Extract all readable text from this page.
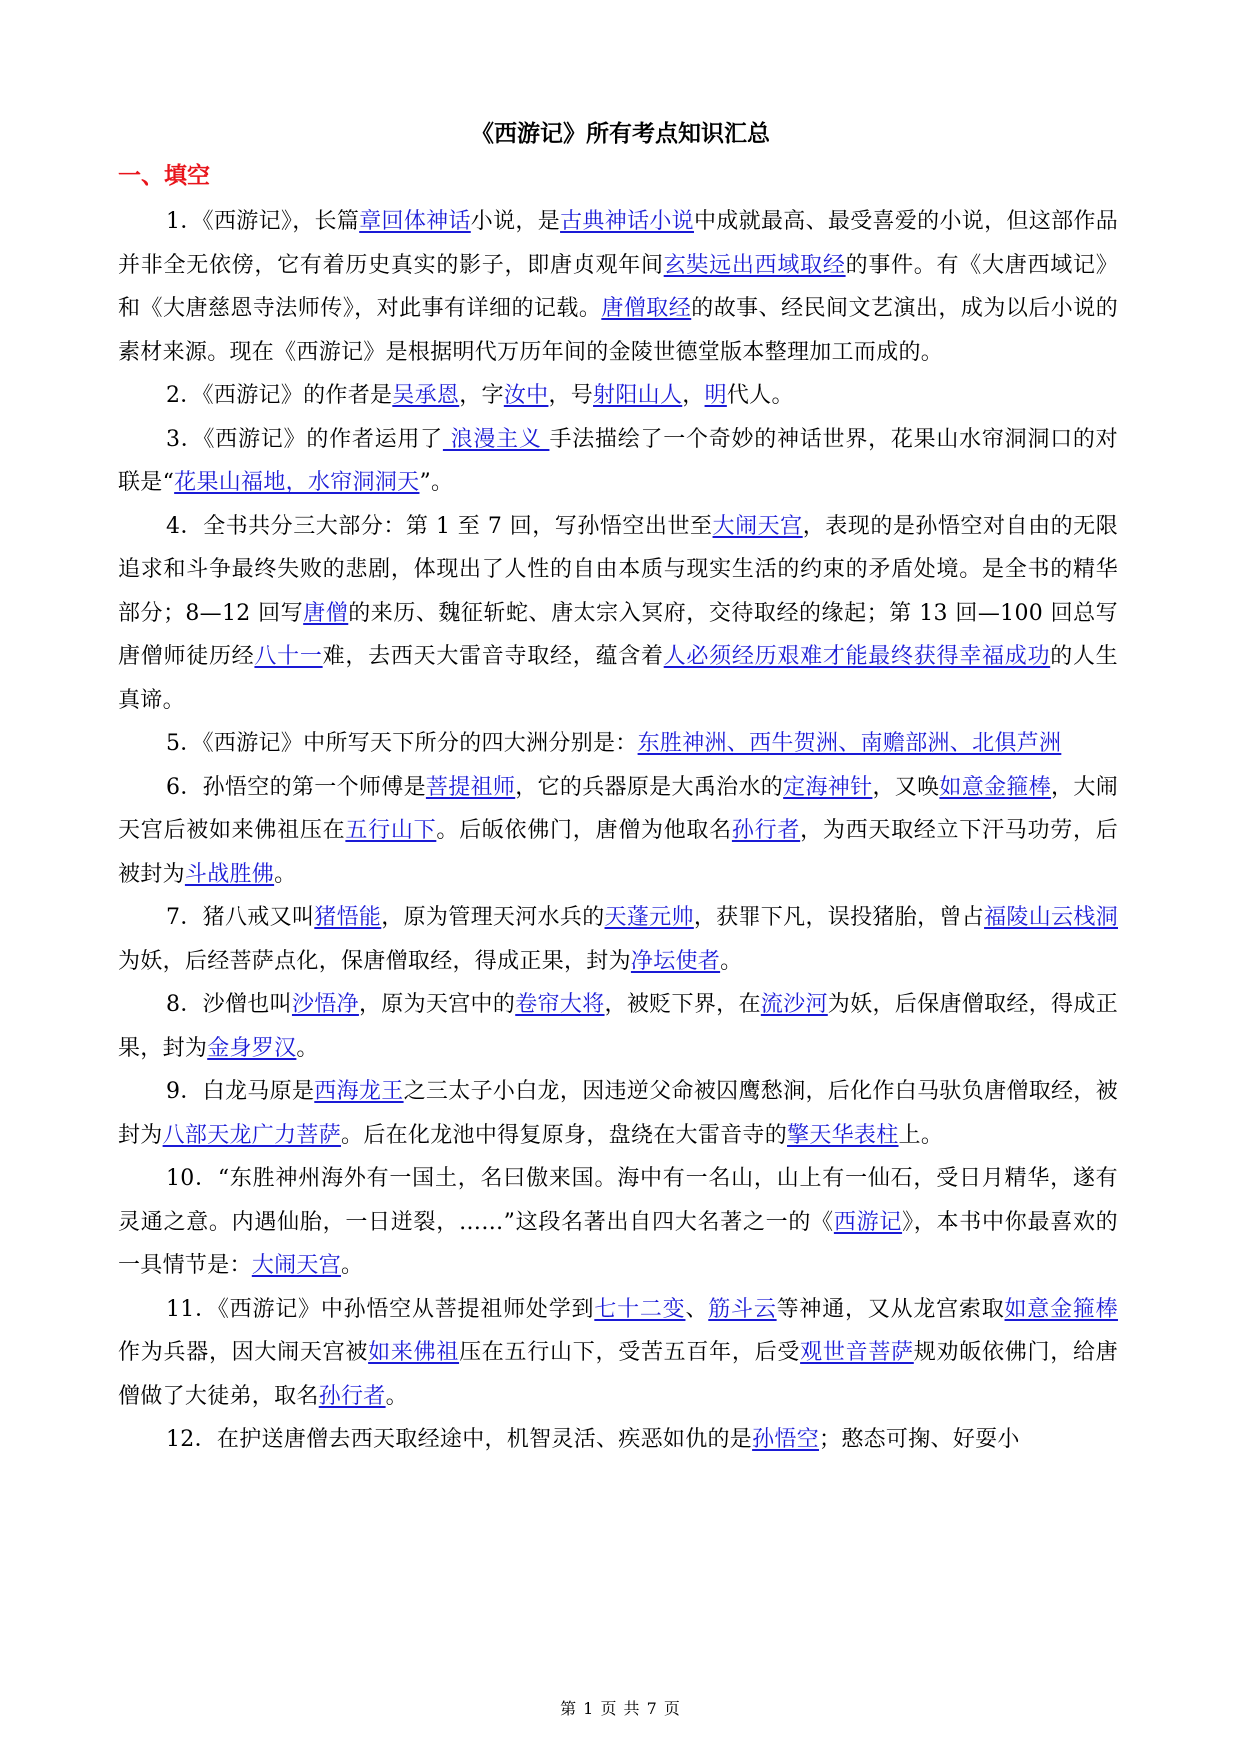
《西游记》所有考点知识汇总
一、填空

1．《西游记》，长篇章回体神话小说，是古典神话小说中成就最高、最受喜爱的小说，但这部作品并非全无依傍，它有着历史真实的影子，即唐贞观年间玄奘远出西域取经的事件。有《大唐西域记》和《大唐慈恩寺法师传》，对此事有详细的记载。唐僧取经的故事、经民间文艺演出，成为以后小说的素材来源。现在《西游记》是根据明代万历年间的金陵世德堂版本整理加工而成的。

2．《西游记》的作者是吴承恩，字汝中，号射阳山人，明代人。

3．《西游记》的作者运用了 浪漫主义 手法描绘了一个奇妙的神话世界，花果山水帘洞洞口的对联是“花果山福地，水帘洞洞天”。

4．全书共分三大部分：第 1 至 7 回，写孙悟空出世至大闹天宫，表现的是孙悟空对自由的无限追求和斗争最终失败的悲剧，体现出了人性的自由本质与现实生活的约束的矛盾处境。是全书的精华部分；8—12 回写唐僧的来历、魏征斩蛇、唐太宗入冥府，交待取经的缘起；第 13 回—100 回总写唐僧师徒历经八十一难，去西天大雷音寺取经，蕴含着人必须经历艰难才能最终获得幸福成功的人生真谛。

5．《西游记》中所写天下所分的四大洲分别是：东胜神洲、西牛贺洲、南赡部洲、北俱芦洲

6．孙悟空的第一个师傅是菩提祖师，它的兵器原是大禹治水的定海神针，又唤如意金箍棒，大闹天宫后被如来佛祖压在五行山下。后皈依佛门，唐僧为他取名孙行者，为西天取经立下汗马功劳，后被封为斗战胜佛。

7．猪八戒又叫猪悟能，原为管理天河水兵的天蓬元帅，获罪下凡，误投猪胎，曾占福陵山云栈洞为妖，后经菩萨点化，保唐僧取经，得成正果，封为净坛使者。

8．沙僧也叫沙悟净，原为天宫中的卷帘大将，被贬下界，在流沙河为妖，后保唐僧取经，得成正果，封为金身罗汉。

9．白龙马原是西海龙王之三太子小白龙，因违逆父命被囚鹰愁涧，后化作白马驮负唐僧取经，被封为八部天龙广力菩萨。后在化龙池中得复原身，盘绕在大雷音寺的擎天华表柱上。

10．“东胜神州海外有一国土，名曰傲来国。海中有一名山，山上有一仙石，受日月精华，遂有灵通之意。内遇仙胎，一日迸裂，……”这段名著出自四大名著之一的《西游记》，本书中你最喜欢的一具情节是：大闹天宫。

11．《西游记》中孙悟空从菩提祖师处学到七十二变、筋斗云等神通，又从龙宫索取如意金箍棒作为兵器，因大闹天宫被如来佛祖压在五行山下，受苦五百年，后受观世音菩萨规劝皈依佛门，给唐僧做了大徒弟，取名孙行者。

12．在护送唐僧去西天取经途中，机智灵活、疾恶如仇的是孙悟空；憨态可掬、好耍小

第 1 页 共 7 页
